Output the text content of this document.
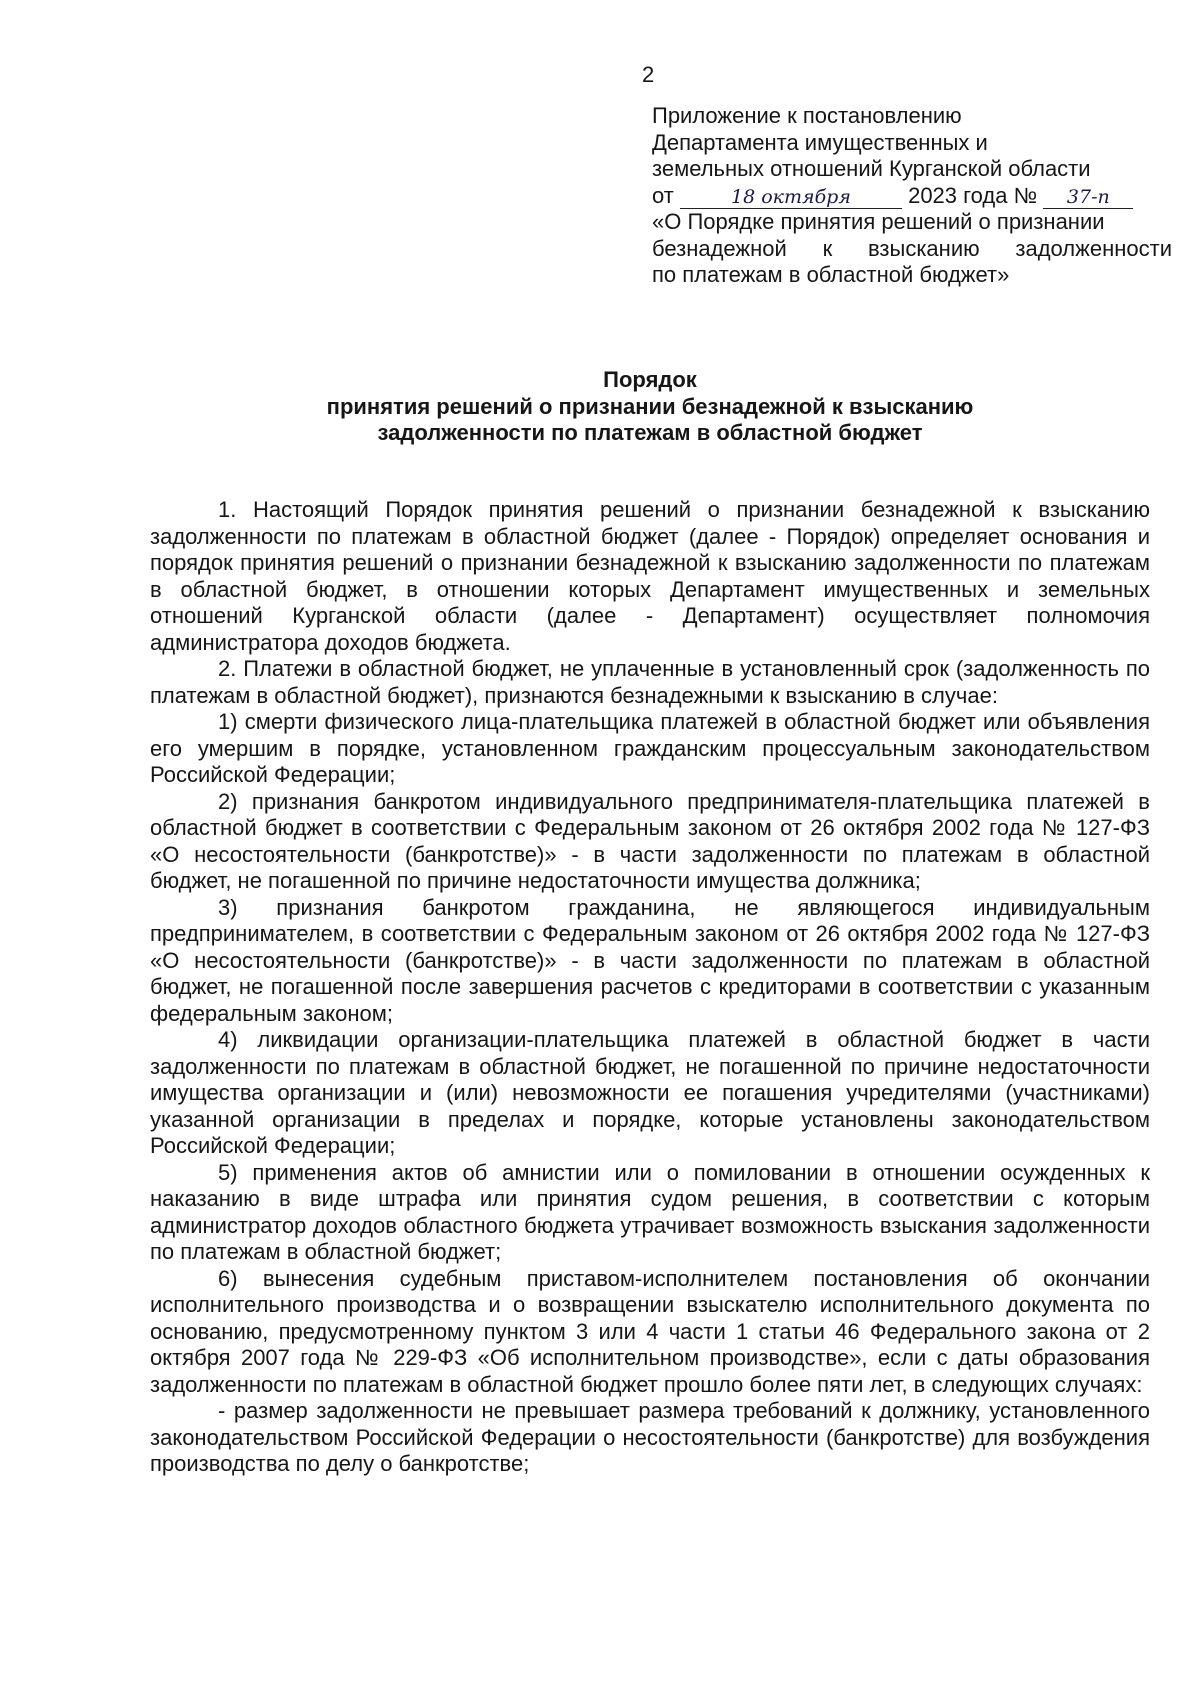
2
Приложение к постановлению
Департамента имущественных и
земельных отношений Курганской области
от	18 октября	2023 года № 37-п
«О Порядке принятия решений о признании
безнадежной к взысканию задолженности
по платежам в областной бюджет»
Порядок
принятия решений о признании безнадежной к взысканию
задолженности по платежам в областной бюджет

1. Настоящий Порядок принятия решений о признании безнадежной к взысканию задолженности по платежам в областной бюджет (далее - Порядок) определяет основания и порядок принятия решений о признании безнадежной к взысканию задолженности по платежам в областной бюджет, в отношении которых Департамент имущественных и земельных отношений Курганской области (далее - Департамент) осуществляет полномочия администратора доходов бюджета.

2. Платежи в областной бюджет, не уплаченные в установленный срок (задолженность по платежам в областной бюджет), признаются безнадежными к взысканию в случае:

1) смерти физического лица-плательщика платежей в областной бюджет или объявления его умершим в порядке, установленном гражданским процессуальным законодательством Российской Федерации;

2) признания банкротом индивидуального предпринимателя-плательщика платежей в областной бюджет в соответствии с Федеральным законом от 26 октября 2002 года № 127-ФЗ «О несостоятельности (банкротстве)» - в части задолженности по платежам в областной бюджет, не погашенной по причине недостаточности имущества должника;

3) признания банкротом гражданина, не являющегося индивидуальным предпринимателем, в соответствии с Федеральным законом от 26 октября 2002 года № 127-ФЗ «О несостоятельности (банкротстве)» - в части задолженности по платежам в областной бюджет, не погашенной после завершения расчетов с кредиторами в соответствии с указанным федеральным законом;

4) ликвидации организации-плательщика платежей в областной бюджет в части задолженности по платежам в областной бюджет, не погашенной по причине недостаточности имущества организации и (или) невозможности ее погашения учредителями (участниками) указанной организации в пределах и порядке, которые установлены законодательством Российской Федерации;

5) применения актов об амнистии или о помиловании в отношении осужденных к наказанию в виде штрафа или принятия судом решения, в соответствии с которым администратор доходов областного бюджета утрачивает возможность взыскания задолженности по платежам в областной бюджет;

6) вынесения судебным приставом-исполнителем постановления об окончании исполнительного производства и о возвращении взыскателю исполнительного документа по основанию, предусмотренному пунктом 3 или 4 части 1 статьи 46 Федерального закона от 2 октября 2007 года № 229-ФЗ «Об исполнительном производстве», если с даты образования задолженности по платежам в областной бюджет прошло более пяти лет, в следующих случаях:

- размер задолженности не превышает размера требований к должнику, установленного законодательством Российской Федерации о несостоятельности (банкротстве) для возбуждения производства по делу о банкротстве;
